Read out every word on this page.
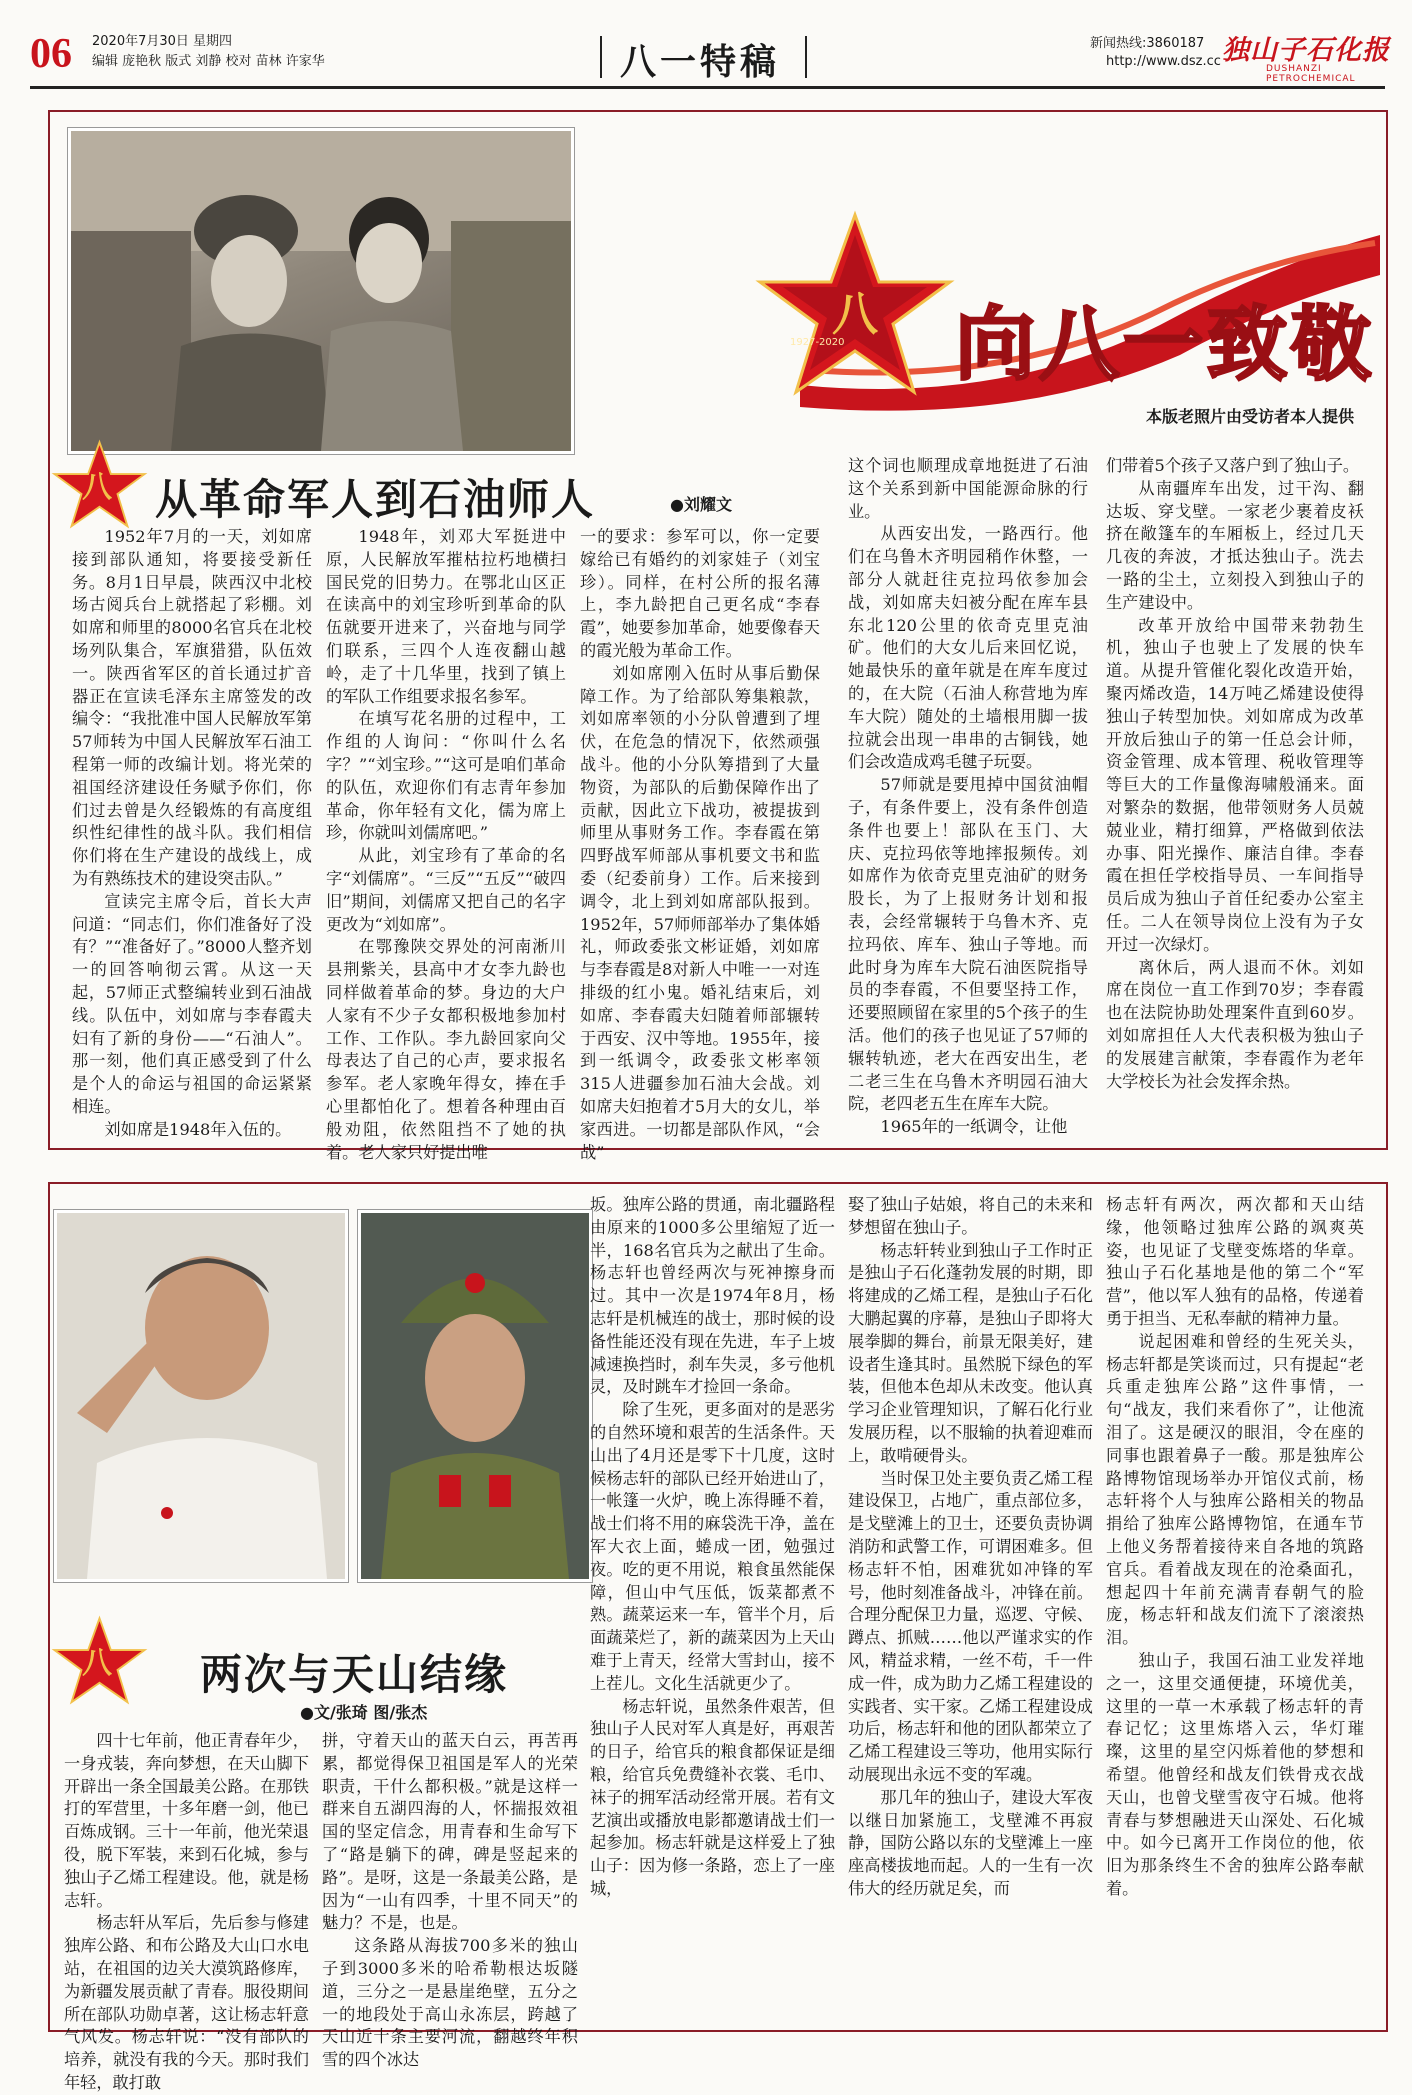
06 2020年7月30日 星期四
编辑 庞艳秋 版式 刘静 校对 苗林 许家华	八一特稿	新闻热线:3860187
http://www.dsz.cc 独山子石化报
DUSHANZI PETROCHEMICAL
八
1927-2020 向八一致敬
本版老照片由受访者本人提供
八 从革命军人到石油师人	●刘耀文

1952年7月的一天，刘如席接到部队通知，将要接受新任务。8月1日早晨，陕西汉中北校场古阅兵台上就搭起了彩棚。刘如席和师里的8000名官兵在北校场列队集合，军旗猎猎，队伍效一。陕西省军区的首长通过扩音器正在宣读毛泽东主席签发的改编令：“我批准中国人民解放军第57师转为中国人民解放军石油工程第一师的改编计划。将光荣的祖国经济建设任务赋予你们，你们过去曾是久经锻炼的有高度组织性纪律性的战斗队。我们相信你们将在生产建设的战线上，成为有熟练技术的建设突击队。”

宣读完主席令后，首长大声问道：“同志们，你们准备好了没有？”“准备好了。”8000人整齐划一的回答响彻云霄。从这一天起，57师正式整编转业到石油战线。队伍中，刘如席与李春霞夫妇有了新的身份——“石油人”。那一刻，他们真正感受到了什么是个人的命运与祖国的命运紧紧相连。

刘如席是1948年入伍的。

1948年，刘邓大军挺进中原，人民解放军摧枯拉朽地横扫国民党的旧势力。在鄂北山区正在读高中的刘宝珍听到革命的队伍就要开进来了，兴奋地与同学们联系，三四个人连夜翻山越岭，走了十几华里，找到了镇上的军队工作组要求报名参军。

在填写花名册的过程中，工作组的人询问：“你叫什么名字？”“刘宝珍。”“这可是咱们革命的队伍，欢迎你们有志青年参加革命，你年轻有文化，儒为席上珍，你就叫刘儒席吧。”

从此，刘宝珍有了革命的名字“刘儒席”。“三反”“五反”“破四旧”期间，刘儒席又把自己的名字更改为“刘如席”。

在鄂豫陕交界处的河南淅川县荆紫关，县高中才女李九龄也同样做着革命的梦。身边的大户人家有不少子女都积极地参加村工作、工作队。李九龄回家向父母表达了自己的心声，要求报名参军。老人家晚年得女，捧在手心里都怕化了。想着各种理由百般劝阻，依然阻挡不了她的执着。老人家只好提出唯

一的要求：参军可以，你一定要嫁给已有婚约的刘家娃子（刘宝珍）。同样，在村公所的报名薄上，李九龄把自己更名成“李春霞”，她要参加革命，她要像春天的霞光般为革命工作。

刘如席刚入伍时从事后勤保障工作。为了给部队筹集粮款，刘如席率领的小分队曾遭到了埋伏，在危急的情况下，依然顽强战斗。他的小分队筹措到了大量物资，为部队的后勤保障作出了贡献，因此立下战功，被提拔到师里从事财务工作。李春霞在第四野战军师部从事机要文书和监委（纪委前身）工作。后来接到调令，北上到刘如席部队报到。1952年，57师师部举办了集体婚礼，师政委张文彬证婚，刘如席与李春霞是8对新人中唯一一对连排级的红小鬼。婚礼结束后，刘如席、李春霞夫妇随着师部辗转于西安、汉中等地。1955年，接到一纸调令，政委张文彬率领315人进疆参加石油大会战。刘如席夫妇抱着才5月大的女儿，举家西进。一切都是部队作风，“会战”

这个词也顺理成章地挺进了石油这个关系到新中国能源命脉的行业。

从西安出发，一路西行。他们在乌鲁木齐明园稍作休整，一部分人就赶往克拉玛依参加会战，刘如席夫妇被分配在库车县东北120公里的依奇克里克油矿。他们的大女儿后来回忆说，她最快乐的童年就是在库车度过的，在大院（石油人称营地为库车大院）随处的土墙根用脚一拔拉就会出现一串串的古铜钱，她们会改造成鸡毛毽子玩耍。

57师就是要甩掉中国贫油帽子，有条件要上，没有条件创造条件也要上！部队在玉门、大庆、克拉玛依等地摔报频传。刘如席作为依奇克里克油矿的财务股长，为了上报财务计划和报表，会经常辗转于乌鲁木齐、克拉玛依、库车、独山子等地。而此时身为库车大院石油医院指导员的李春霞，不但要坚持工作，还要照顾留在家里的5个孩子的生活。他们的孩子也见证了57师的辗转轨迹，老大在西安出生，老二老三生在乌鲁木齐明园石油大院，老四老五生在库车大院。

1965年的一纸调令，让他

们带着5个孩子又落户到了独山子。

从南疆库车出发，过干沟、翻达坂、穿戈壁。一家老少裹着皮袄挤在敞篷车的车厢板上，经过几天几夜的奔波，才抵达独山子。洗去一路的尘土，立刻投入到独山子的生产建设中。

改革开放给中国带来勃勃生机，独山子也驶上了发展的快车道。从提升管催化裂化改造开始，聚丙烯改造，14万吨乙烯建设使得独山子转型加快。刘如席成为改革开放后独山子的第一任总会计师，资金管理、成本管理、税收管理等等巨大的工作量像海啸般涌来。面对繁杂的数据，他带领财务人员兢兢业业，精打细算，严格做到依法办事、阳光操作、廉洁自律。李春霞在担任学校指导员、一车间指导员后成为独山子首任纪委办公室主任。二人在领导岗位上没有为子女开过一次绿灯。

离休后，两人退而不休。刘如席在岗位一直工作到70岁；李春霞也在法院协助处理案件直到60岁。刘如席担任人大代表积极为独山子的发展建言献策，李春霞作为老年大学校长为社会发挥余热。

八 两次与天山结缘
●文/张琦 图/张杰

四十七年前，他正青春年少，一身戎装，奔向梦想，在天山脚下开辟出一条全国最美公路。在那铁打的军营里，十多年磨一剑，他已百炼成钢。三十一年前，他光荣退役，脱下军装，来到石化城，参与独山子乙烯工程建设。他，就是杨志轩。

杨志轩从军后，先后参与修建独库公路、和布公路及大山口水电站，在祖国的边关大漠筑路修库，为新疆发展贡献了青春。服役期间所在部队功勋卓著，这让杨志轩意气风发。杨志轩说：“没有部队的培养，就没有我的今天。那时我们年轻，敢打敢

拼，守着天山的蓝天白云，再苦再累，都觉得保卫祖国是军人的光荣职责，干什么都积极。”就是这样一群来自五湖四海的人，怀揣报效祖国的坚定信念，用青春和生命写下了“路是躺下的碑，碑是竖起来的路”。是呀，这是一条最美公路，是因为“一山有四季，十里不同天”的魅力？不是，也是。

这条路从海拔700多米的独山子到3000多米的哈希勒根达坂隧道，三分之一是悬崖绝壁，五分之一的地段处于高山永冻层，跨越了天山近十条主要河流，翻越终年积雪的四个冰达

坂。独库公路的贯通，南北疆路程由原来的1000多公里缩短了近一半，168名官兵为之献出了生命。杨志轩也曾经两次与死神擦身而过。其中一次是1974年8月，杨志轩是机械连的战士，那时候的设备性能还没有现在先进，车子上坡减速换挡时，刹车失灵，多亏他机灵，及时跳车才捡回一条命。

除了生死，更多面对的是恶劣的自然环境和艰苦的生活条件。天山出了4月还是零下十几度，这时候杨志轩的部队已经开始进山了，一帐篷一火炉，晚上冻得睡不着，战士们将不用的麻袋洗干净，盖在军大衣上面，蜷成一团，勉强过夜。吃的更不用说，粮食虽然能保障，但山中气压低，饭菜都煮不熟。蔬菜运来一车，管半个月，后面蔬菜烂了，新的蔬菜因为上天山难于上青天，经常大雪封山，接不上茬儿。文化生活就更少了。

杨志轩说，虽然条件艰苦，但独山子人民对军人真是好，再艰苦的日子，给官兵的粮食都保证是细粮，给官兵免费缝补衣裳、毛巾、袜子的拥军活动经常开展。若有文艺演出或播放电影都邀请战士们一起参加。杨志轩就是这样爱上了独山子：因为修一条路，恋上了一座城，

娶了独山子姑娘，将自己的未来和梦想留在独山子。

杨志轩转业到独山子工作时正是独山子石化蓬勃发展的时期，即将建成的乙烯工程，是独山子石化大鹏起翼的序幕，是独山子即将大展拳脚的舞台，前景无限美好，建设者生逢其时。虽然脱下绿色的军装，但他本色却从未改变。他认真学习企业管理知识，了解石化行业发展历程，以不服输的执着迎难而上，敢啃硬骨头。

当时保卫处主要负责乙烯工程建设保卫，占地广，重点部位多，是戈壁滩上的卫士，还要负责协调消防和武警工作，可谓困难多。但杨志轩不怕，困难犹如冲锋的军号，他时刻准备战斗，冲锋在前。合理分配保卫力量，巡逻、守候、蹲点、抓贼……他以严谨求实的作风，精益求精，一丝不苟，千一件成一件，成为助力乙烯工程建设的实践者、实干家。乙烯工程建设成功后，杨志轩和他的团队都荣立了乙烯工程建设三等功，他用实际行动展现出永远不变的军魂。

那几年的独山子，建设大军夜以继日加紧施工，戈壁滩不再寂静，国防公路以东的戈壁滩上一座座高楼拔地而起。人的一生有一次伟大的经历就足矣，而

杨志轩有两次，两次都和天山结缘，他领略过独库公路的飒爽英姿，也见证了戈壁变炼塔的华章。独山子石化基地是他的第二个“军营”，他以军人独有的品格，传递着勇于担当、无私奉献的精神力量。

说起困难和曾经的生死关头，杨志轩都是笑谈而过，只有提起“老兵重走独库公路”这件事情，一句“战友，我们来看你了”，让他流泪了。这是硬汉的眼泪，令在座的同事也跟着鼻子一酸。那是独库公路博物馆现场举办开馆仪式前，杨志轩将个人与独库公路相关的物品捐给了独库公路博物馆，在通车节上他义务帮着接待来自各地的筑路官兵。看着战友现在的沧桑面孔，想起四十年前充满青春朝气的脸庞，杨志轩和战友们流下了滚滚热泪。

独山子，我国石油工业发祥地之一，这里交通便捷，环境优美，这里的一草一木承载了杨志轩的青春记忆；这里炼塔入云，华灯璀璨，这里的星空闪烁着他的梦想和希望。他曾经和战友们铁骨戎衣战天山，也曾戈壁雪夜守石城。他将青春与梦想融进天山深处、石化城中。如今已离开工作岗位的他，依旧为那条终生不舍的独库公路奉献着。
